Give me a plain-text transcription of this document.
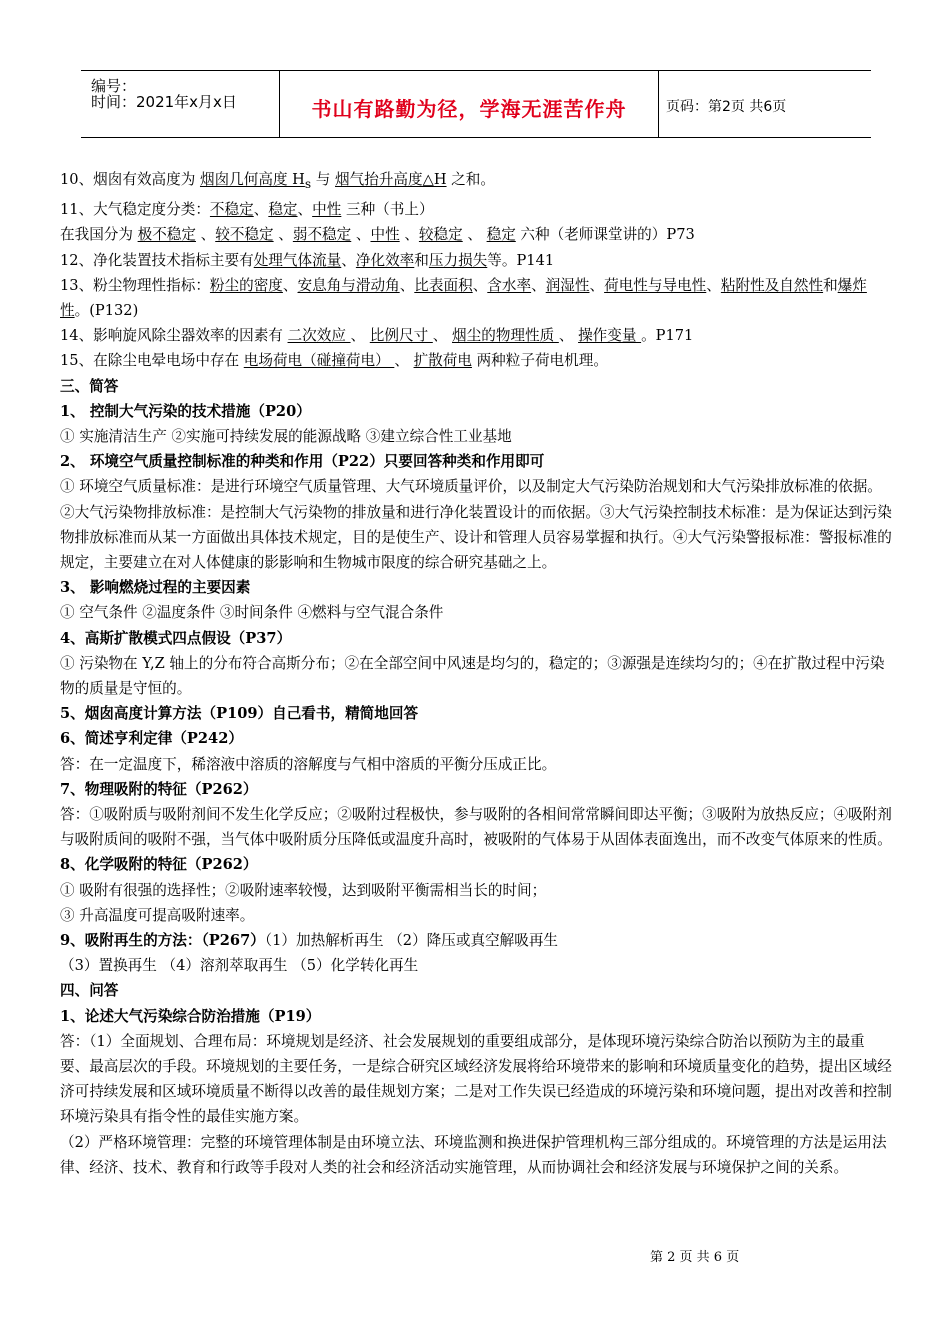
编号：
时间：2021年x月x日	书山有路勤为径，学海无涯苦作舟	页码：第2页 共6页

10、烟囱有效高度为 烟囱几何高度 $H_s$ 与 烟气抬升高度△H 之和。

11、大气稳定度分类：不稳定、稳定、中性 三种（书上）

在我国分为 极不稳定 、较不稳定 、弱不稳定 、中性 、较稳定 、 稳定 六种（老师课堂讲的）P73

12、净化装置技术指标主要有处理气体流量、净化效率和压力损失等。P141

13、粉尘物理性指标：粉尘的密度、安息角与滑动角、比表面积、含水率、润湿性、荷电性与导电性、粘附性及自然性和爆炸性。(P132)

14、影响旋风除尘器效率的因素有 二次效应 、 比例尺寸 、 烟尘的物理性质 、 操作变量 。P171

15、在除尘电晕电场中存在 电场荷电（碰撞荷电） 、 扩散荷电 两种粒子荷电机理。

三、简答

1、 控制大气污染的技术措施（P20）

① 实施清洁生产 ②实施可持续发展的能源战略 ③建立综合性工业基地

2、 环境空气质量控制标准的种类和作用（P22）只要回答种类和作用即可

① 环境空气质量标准：是进行环境空气质量管理、大气环境质量评价，以及制定大气污染防治规划和大气污染排放标准的依据。②大气污染物排放标准：是控制大气污染物的排放量和进行净化装置设计的而依据。③大气污染控制技术标准：是为保证达到污染物排放标准而从某一方面做出具体技术规定，目的是使生产、设计和管理人员容易掌握和执行。④大气污染警报标准：警报标准的规定，主要建立在对人体健康的影影响和生物城市限度的综合研究基础之上。

3、 影响燃烧过程的主要因素

① 空气条件 ②温度条件 ③时间条件 ④燃料与空气混合条件

4、高斯扩散模式四点假设（P37）

① 污染物在 Y,Z 轴上的分布符合高斯分布；②在全部空间中风速是均匀的，稳定的；③源强是连续均匀的；④在扩散过程中污染物的质量是守恒的。

5、烟囱高度计算方法（P109）自己看书，精简地回答

6、简述亨利定律（P242）

答：在一定温度下，稀溶液中溶质的溶解度与气相中溶质的平衡分压成正比。

7、物理吸附的特征（P262）

答：①吸附质与吸附剂间不发生化学反应；②吸附过程极快，参与吸附的各相间常常瞬间即达平衡；③吸附为放热反应；④吸附剂与吸附质间的吸附不强，当气体中吸附质分压降低或温度升高时，被吸附的气体易于从固体表面逸出，而不改变气体原来的性质。

8、化学吸附的特征（P262）

① 吸附有很强的选择性；②吸附速率较慢，达到吸附平衡需相当长的时间；

③ 升高温度可提高吸附速率。

9、吸附再生的方法：（P267）（1）加热解析再生 （2）降压或真空解吸再生

（3）置换再生 （4）溶剂萃取再生 （5）化学转化再生

四、问答

1、论述大气污染综合防治措施（P19）

答：（1）全面规划、合理布局：环境规划是经济、社会发展规划的重要组成部分，是体现环境污染综合防治以预防为主的最重要、最高层次的手段。环境规划的主要任务，一是综合研究区域经济发展将给环境带来的影响和环境质量变化的趋势，提出区域经济可持续发展和区域环境质量不断得以改善的最佳规划方案；二是对工作失误已经造成的环境污染和环境问题，提出对改善和控制环境污染具有指令性的最佳实施方案。

（2）严格环境管理：完整的环境管理体制是由环境立法、环境监测和换进保护管理机构三部分组成的。环境管理的方法是运用法律、经济、技术、教育和行政等手段对人类的社会和经济活动实施管理，从而协调社会和经济发展与环境保护之间的关系。

第 2 页 共 6 页
